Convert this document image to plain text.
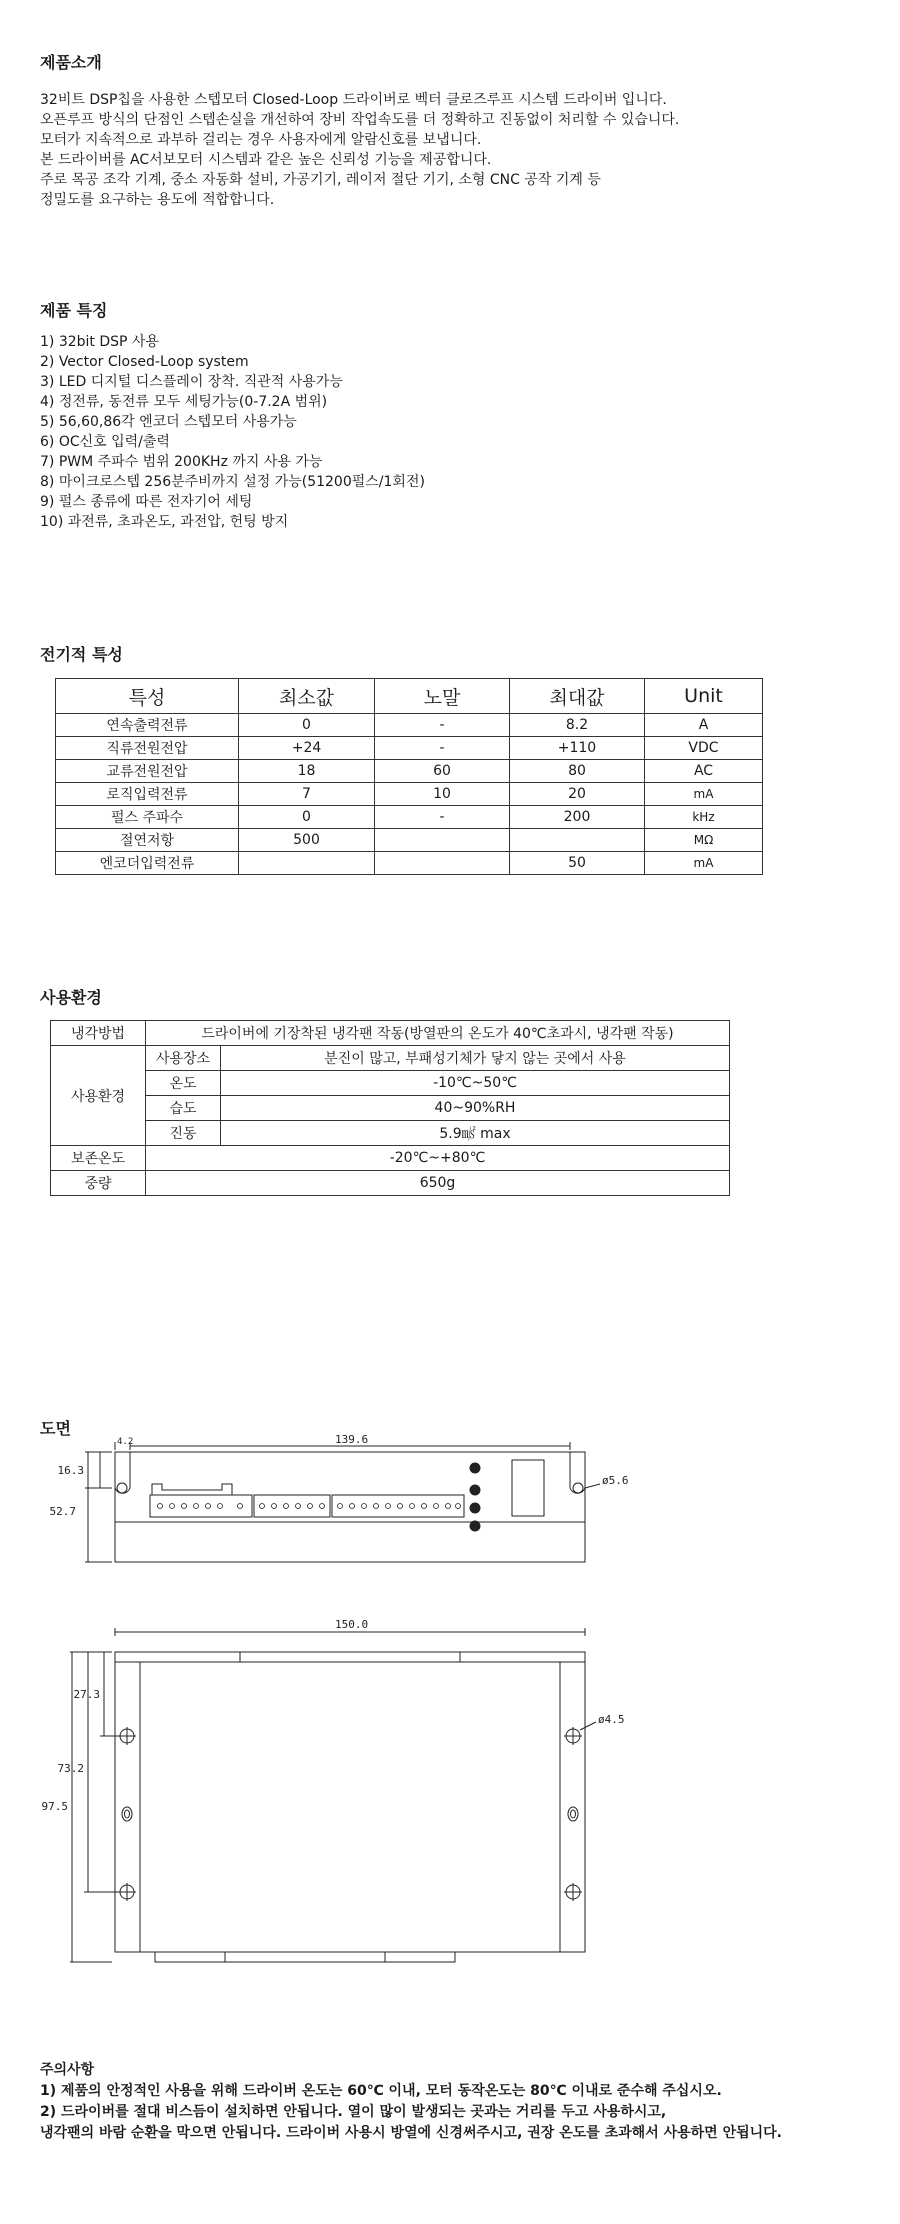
제품소개
32비트 DSP칩을 사용한 스텝모터 Closed-Loop 드라이버로 벡터 클로즈루프 시스템 드라이버 입니다.
오픈루프 방식의 단점인 스텝손실을 개선하여 장비 작업속도를 더 정확하고 진동없이 처리할 수 있습니다.
모터가 지속적으로 과부하 걸리는 경우 사용자에게 알람신호를 보냅니다.
본 드라이버를 AC서보모터 시스템과 같은 높은 신뢰성 기능을 제공합니다.
주로 목공 조각 기계, 중소 자동화 설비, 가공기기, 레이저 절단 기기, 소형 CNC 공작 기계 등
정밀도를 요구하는 용도에 적합합니다.
제품 특징
1) 32bit DSP 사용
2) Vector Closed-Loop system
3) LED 디지털 디스플레이 장착. 직관적 사용가능
4) 정전류, 동전류 모두 세팅가능(0-7.2A 범위)
5) 56,60,86각 엔코더 스텝모터 사용가능
6) OC신호 입력/출력
7) PWM 주파수 범위 200KHz 까지 사용 가능
8) 마이크로스텝 256분주비까지 설정 가능(51200펄스/1회전)
9) 펄스 종류에 따른 전자기어 세팅
10) 과전류, 초과온도, 과전압, 헌팅 방지
전기적 특성
특성	최소값	노말	최대값	Unit
연속출력전류	0	-	8.2	A
직류전원전압	+24	-	+110	VDC
교류전원전압	18	60	80	AC
로직입력전류	7	10	20	mA
펄스 주파수	0	-	200	kHz
절연저항	500			MΩ
엔코더입력전류			50	mA
사용환경
냉각방법	드라이버에 기장착된 냉각팬 작동(방열판의 온도가 40℃초과시, 냉각팬 작동)	
사용환경	사용장소	분진이 많고, 부패성기체가 닿지 않는 곳에서 사용
	온도	-10℃~50℃
	습도	40~90%RH
	진동	5.9㎨ max
보존온도	-20℃~+80℃	
중량	650g	
도면
4.2	139.6
16.3
52.7
ø5.6
150.0
27.3
73.2
97.5
ø4.5
주의사항
1) 제품의 안정적인 사용을 위해 드라이버 온도는 60℃ 이내, 모터 동작온도는 80℃ 이내로 준수해 주십시오.
2) 드라이버를 절대 비스듬이 설치하면 안됩니다. 열이 많이 발생되는 곳과는 거리를 두고 사용하시고,
냉각팬의 바람 순환을 막으면 안됩니다. 드라이버 사용시 방열에 신경써주시고, 권장 온도를 초과해서 사용하면 안됩니다.
